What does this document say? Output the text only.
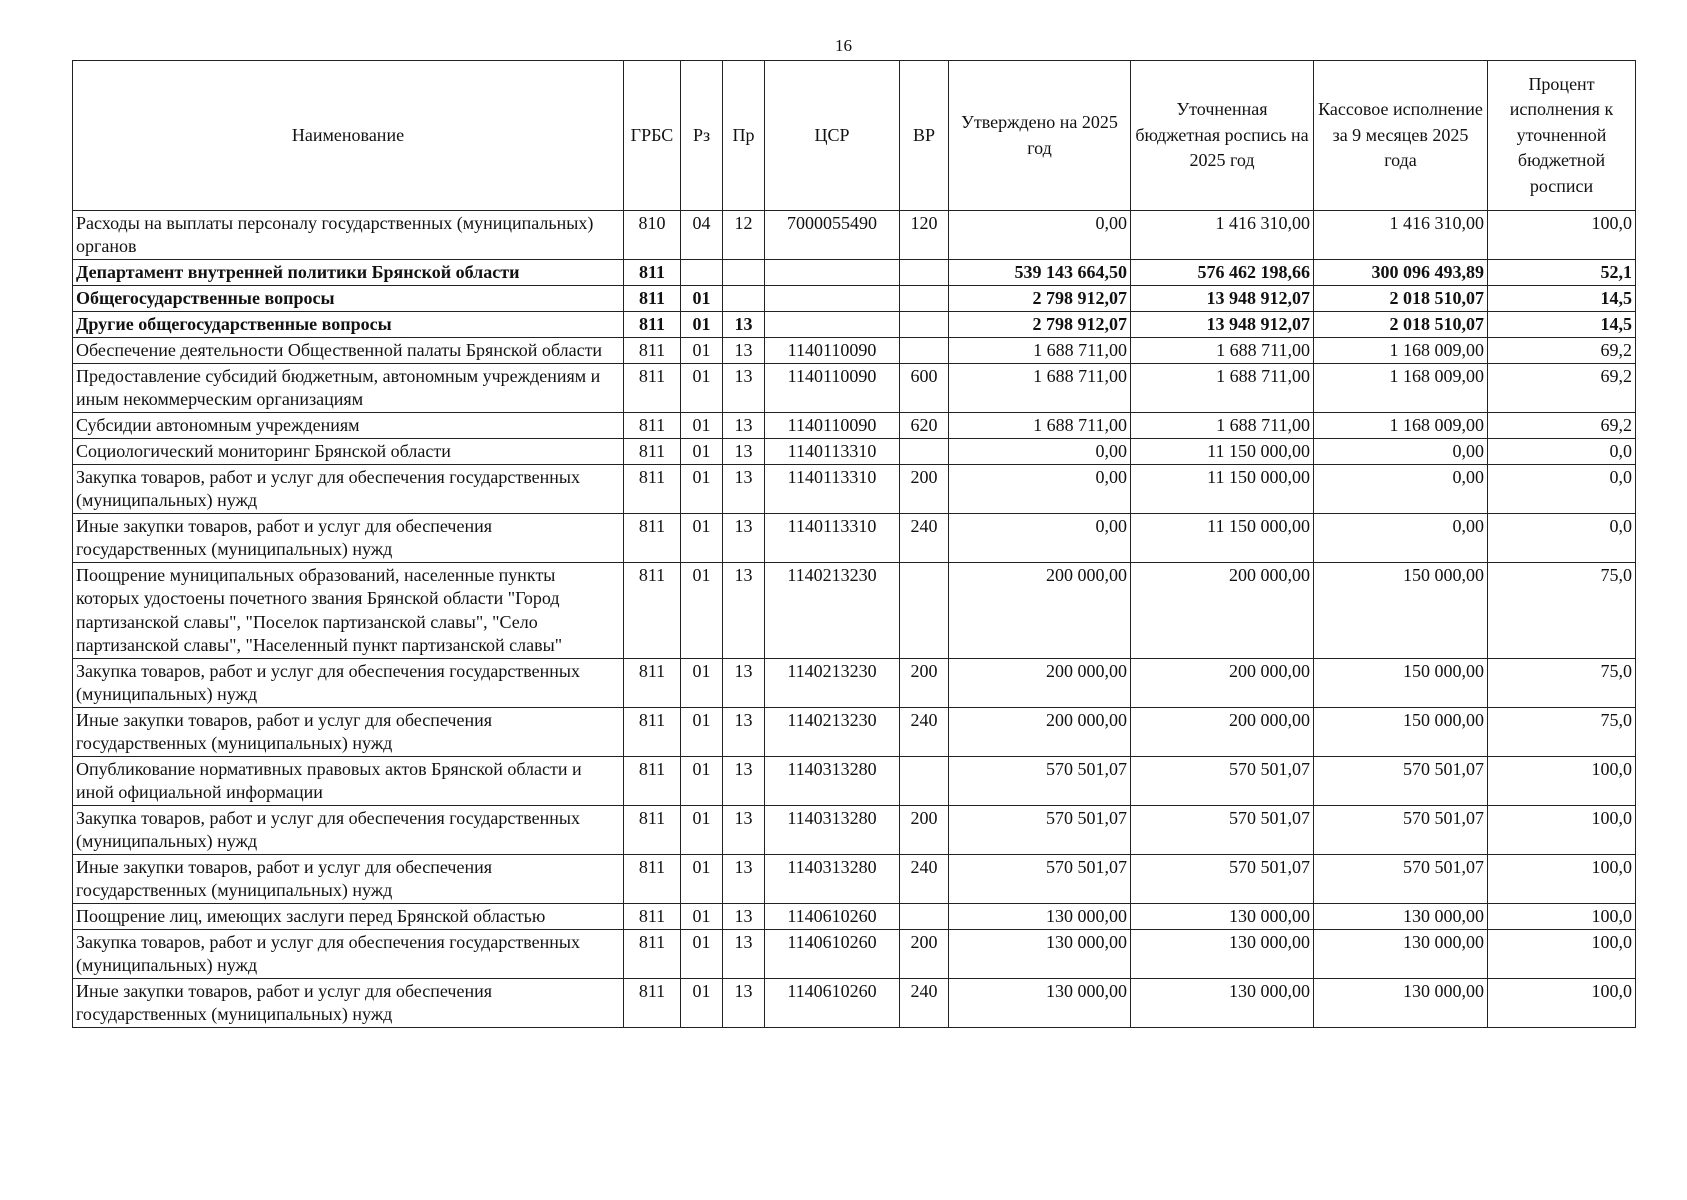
16
Наименование	ГРБС	Рз	Пр	ЦСР	ВР	Утверждено на 2025 год	Уточненная бюджетная роспись на 2025 год	Кассовое исполнение за 9 месяцев 2025 года	Процент исполнения к уточненной бюджетной росписи
Расходы на выплаты персоналу государственных (муниципальных) органов	810	04	12	7000055490	120	0,00	1 416 310,00	1 416 310,00	100,0
Департамент внутренней политики Брянской области	811					539 143 664,50	576 462 198,66	300 096 493,89	52,1
Общегосударственные вопросы	811	01				2 798 912,07	13 948 912,07	2 018 510,07	14,5
Другие общегосударственные вопросы	811	01	13			2 798 912,07	13 948 912,07	2 018 510,07	14,5
Обеспечение деятельности Общественной палаты Брянской области	811	01	13	1140110090		1 688 711,00	1 688 711,00	1 168 009,00	69,2
Предоставление субсидий бюджетным, автономным учреждениям и иным некоммерческим организациям	811	01	13	1140110090	600	1 688 711,00	1 688 711,00	1 168 009,00	69,2
Субсидии автономным учреждениям	811	01	13	1140110090	620	1 688 711,00	1 688 711,00	1 168 009,00	69,2
Социологический мониторинг Брянской области	811	01	13	1140113310		0,00	11 150 000,00	0,00	0,0
Закупка товаров, работ и услуг для обеспечения государственных (муниципальных) нужд	811	01	13	1140113310	200	0,00	11 150 000,00	0,00	0,0
Иные закупки товаров, работ и услуг для обеспечения государственных (муниципальных) нужд	811	01	13	1140113310	240	0,00	11 150 000,00	0,00	0,0
Поощрение муниципальных образований, населенные пункты которых удостоены почетного звания Брянской области "Город партизанской славы", "Поселок партизанской славы", "Село партизанской славы", "Населенный пункт партизанской славы"	811	01	13	1140213230		200 000,00	200 000,00	150 000,00	75,0
Закупка товаров, работ и услуг для обеспечения государственных (муниципальных) нужд	811	01	13	1140213230	200	200 000,00	200 000,00	150 000,00	75,0
Иные закупки товаров, работ и услуг для обеспечения государственных (муниципальных) нужд	811	01	13	1140213230	240	200 000,00	200 000,00	150 000,00	75,0
Опубликование нормативных правовых актов Брянской области и иной официальной информации	811	01	13	1140313280		570 501,07	570 501,07	570 501,07	100,0
Закупка товаров, работ и услуг для обеспечения государственных (муниципальных) нужд	811	01	13	1140313280	200	570 501,07	570 501,07	570 501,07	100,0
Иные закупки товаров, работ и услуг для обеспечения государственных (муниципальных) нужд	811	01	13	1140313280	240	570 501,07	570 501,07	570 501,07	100,0
Поощрение лиц, имеющих заслуги перед Брянской областью	811	01	13	1140610260		130 000,00	130 000,00	130 000,00	100,0
Закупка товаров, работ и услуг для обеспечения государственных (муниципальных) нужд	811	01	13	1140610260	200	130 000,00	130 000,00	130 000,00	100,0
Иные закупки товаров, работ и услуг для обеспечения государственных (муниципальных) нужд	811	01	13	1140610260	240	130 000,00	130 000,00	130 000,00	100,0
